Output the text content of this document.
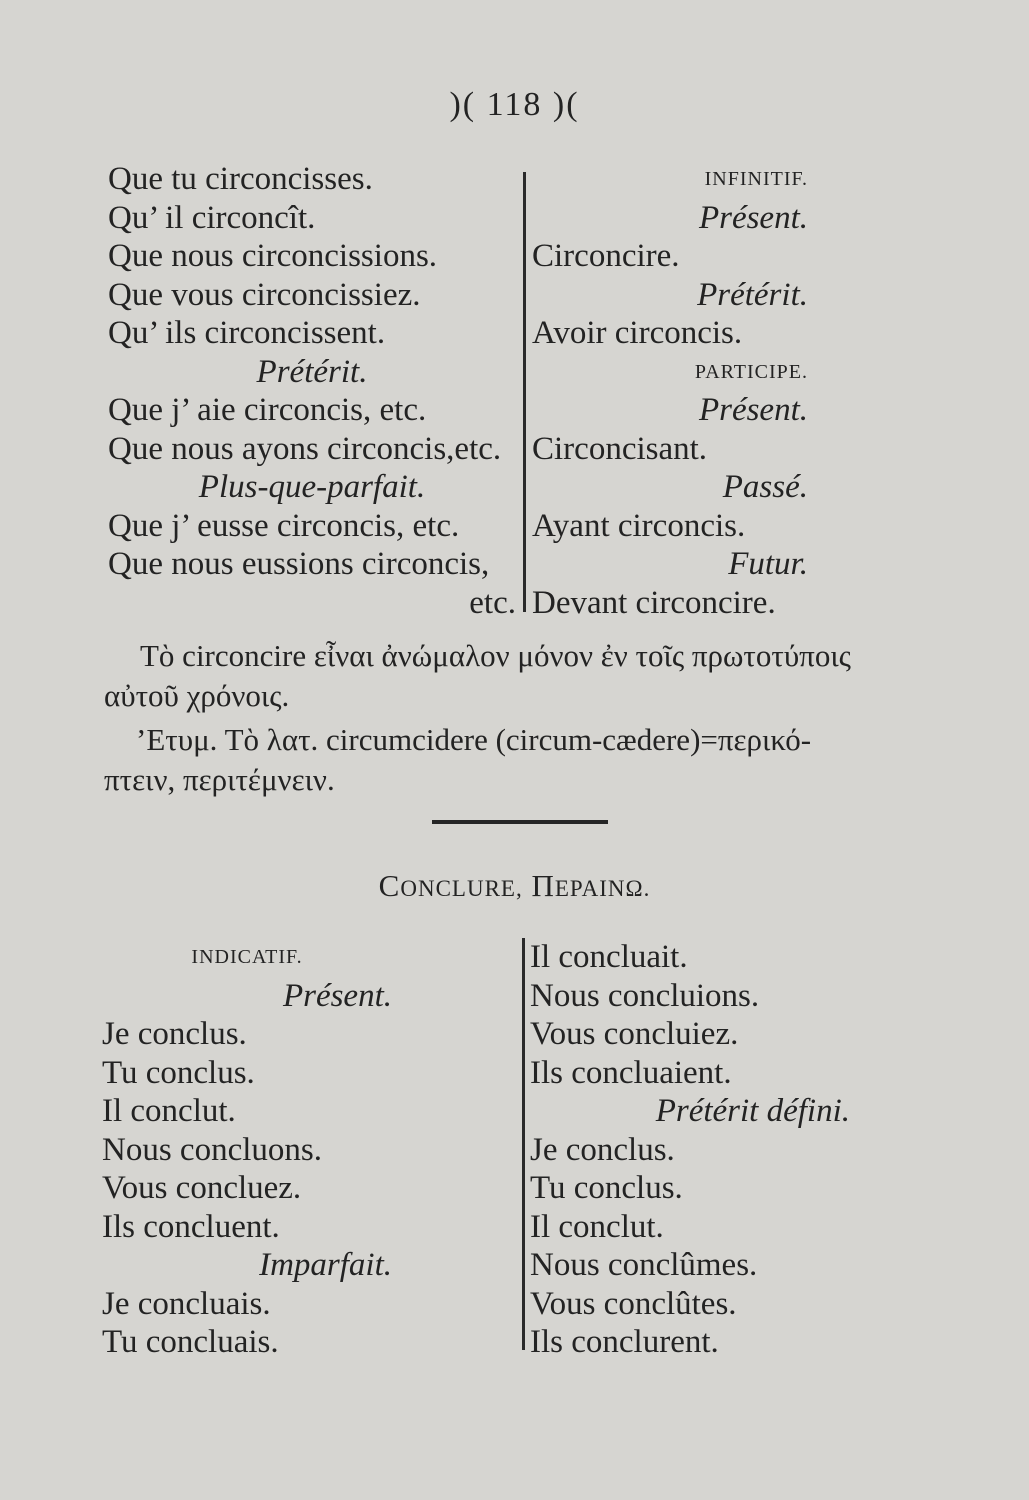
)( 118 )(
Que tu circoncisses.
Qu’ il circoncît.
Que nous circoncissions.
Que vous circoncissiez.
Qu’ ils circoncissent.
Prétérit.
Que j’ aie circoncis, etc.
Que nous ayons circoncis,etc.
Plus-que-parfait.
Que j’ eusse circoncis, etc.
Que nous eussions circoncis,
etc.
INFINITIF.
Présent.
Circoncire.
Prétérit.
Avoir circoncis.
PARTICIPE.
Présent.
Circoncisant.
Passé.
Ayant circoncis.
Futur.
Devant circoncire.
Τὸ circoncire εἶναι ἀνώμαλον μόνον ἐν τοῖς πρωτοτύποις
αὐτοῦ χρόνοις.
’Ετυμ. Τὸ λατ. circumcidere (circum-cædere)=περικό-
πτειν, περιτέμνειν.
CONCLURE, ΠΕΡΑΙΝΩ.
INDICATIF.
Présent.
Je conclus.
Tu conclus.
Il conclut.
Nous concluons.
Vous concluez.
Ils concluent.
Imparfait.
Je concluais.
Tu concluais.
Il concluait.
Nous concluions.
Vous concluiez.
Ils concluaient.
Prétérit défini.
Je conclus.
Tu conclus.
Il conclut.
Nous conclûmes.
Vous conclûtes.
Ils conclurent.
